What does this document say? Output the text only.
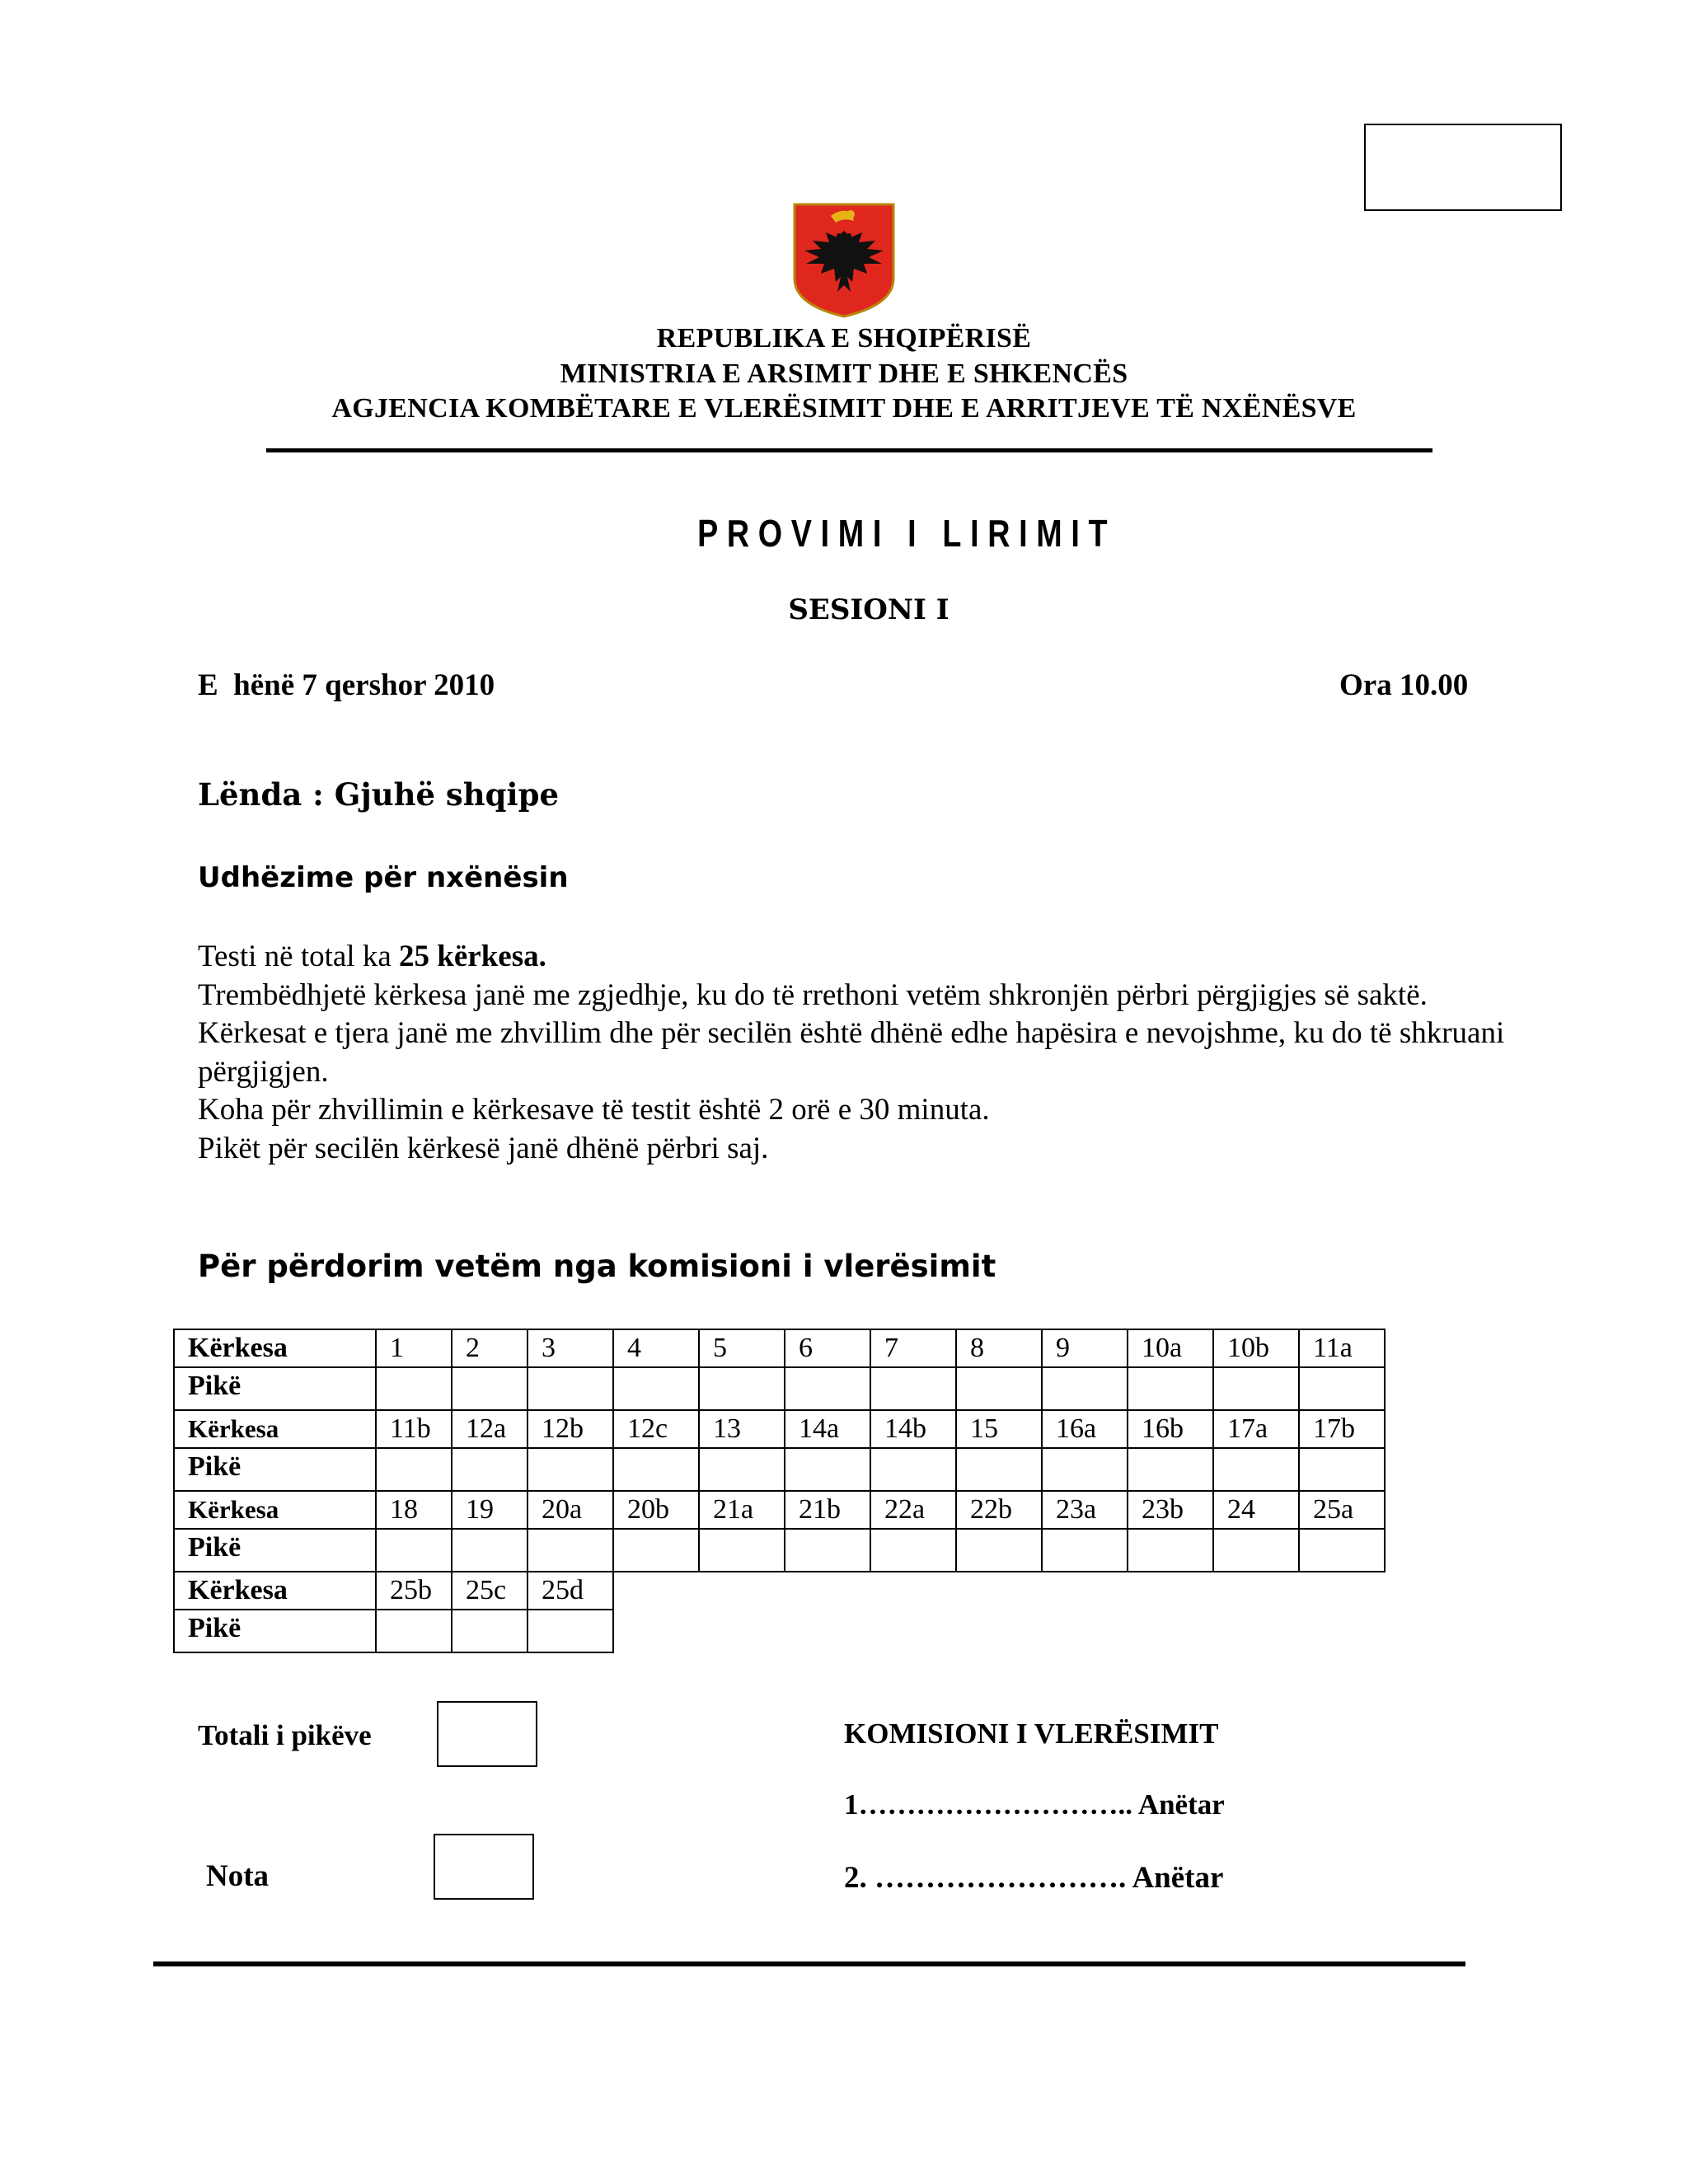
REPUBLIKA E SHQIPËRISË
MINISTRIA E ARSIMIT DHE E SHKENCËS
AGJENCIA KOMBËTARE E VLERËSIMIT DHE E ARRITJEVE TË NXËNËSVE
PROVIMI I LIRIMIT
SESIONI I
E  hënë 7 qershor 2010	Ora 10.00
Lënda : Gjuhë shqipe
Udhëzime për nxënësin

Testi në total ka 25 kërkesa.

Trembëdhjetë kërkesa janë me zgjedhje, ku do të rrethoni vetëm shkronjën përbri përgjigjes së saktë.

Kërkesat e tjera janë me zhvillim dhe për secilën është dhënë edhe hapësira e nevojshme, ku do të shkruani përgjigjen.

Koha për zhvillimin e kërkesave të testit është 2 orë e 30 minuta.

Pikët për secilën kërkesë janë dhënë përbri saj.

Për përdorim vetëm nga komisioni i vlerësimit
Kërkesa	1	2	3	4	5	6	7	8	9	10a	10b	11a
Pikë												
Kërkesa	11b	12a	12b	12c	13	14a	14b	15	16a	16b	17a	17b
Pikë												
Kërkesa	18	19	20a	20b	21a	21b	22a	22b	23a	23b	24	25a
Pikë												
Kërkesa	25b	25c	25d									
Pikë												
Totali i pikëve
Nota
KOMISIONI I VLERËSIMIT
1……………………….. Anëtar
2. ……………………. Anëtar
